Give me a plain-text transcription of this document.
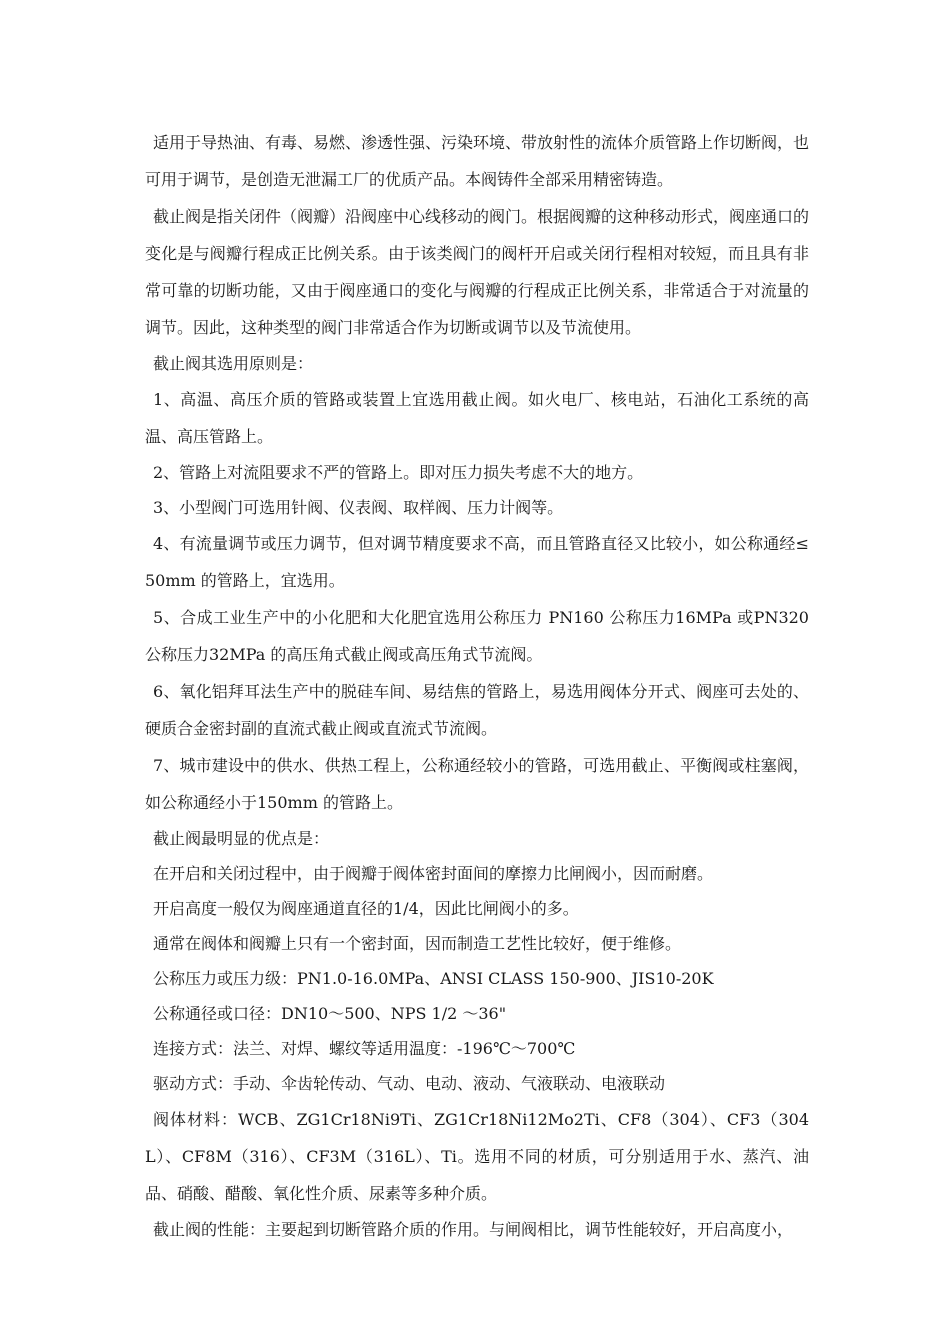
适用于导热油、有毒、易燃、渗透性强、污染环境、带放射性的流体介质管路上作切断阀，也可用于调节，是创造无泄漏工厂的优质产品。本阀铸件全部采用精密铸造。

截止阀是指关闭件（阀瓣）沿阀座中心线移动的阀门。根据阀瓣的这种移动形式，阀座通口的变化是与阀瓣行程成正比例关系。由于该类阀门的阀杆开启或关闭行程相对较短，而且具有非常可靠的切断功能，又由于阀座通口的变化与阀瓣的行程成正比例关系，非常适合于对流量的调节。因此，这种类型的阀门非常适合作为切断或调节以及节流使用。

截止阀其选用原则是：

1、高温、高压介质的管路或装置上宜选用截止阀。如火电厂、核电站，石油化工系统的高温、高压管路上。

2、管路上对流阻要求不严的管路上。即对压力损失考虑不大的地方。

3、小型阀门可选用针阀、仪表阀、取样阀、压力计阀等。

4、有流量调节或压力调节，但对调节精度要求不高，而且管路直径又比较小，如公称通经≤50mm 的管路上，宜选用。

5、合成工业生产中的小化肥和大化肥宜选用公称压力 PN160 公称压力16MPa 或PN320 公称压力32MPa 的高压角式截止阀或高压角式节流阀。

6、氧化铝拜耳法生产中的脱硅车间、易结焦的管路上，易选用阀体分开式、阀座可去处的、硬质合金密封副的直流式截止阀或直流式节流阀。

7、城市建设中的供水、供热工程上，公称通经较小的管路，可选用截止、平衡阀或柱塞阀，如公称通经小于150mm 的管路上。

截止阀最明显的优点是：

在开启和关闭过程中，由于阀瓣于阀体密封面间的摩擦力比闸阀小，因而耐磨。

开启高度一般仅为阀座通道直径的1/4，因此比闸阀小的多。

通常在阀体和阀瓣上只有一个密封面，因而制造工艺性比较好，便于维修。

公称压力或压力级：PN1.0-16.0MPa、ANSI CLASS 150-900、JIS10-20K

公称通径或口径：DN10～500、NPS 1/2 ～36"

连接方式：法兰、对焊、螺纹等适用温度：-196℃～700℃

驱动方式：手动、伞齿轮传动、气动、电动、液动、气液联动、电液联动

阀体材料：WCB、ZG1Cr18Ni9Ti、ZG1Cr18Ni12Mo2Ti、CF8（304）、CF3（304L）、CF8M（316）、CF3M（316L）、Ti。选用不同的材质，可分别适用于水、蒸汽、油品、硝酸、醋酸、氧化性介质、尿素等多种介质。

截止阀的性能：主要起到切断管路介质的作用。与闸阀相比，调节性能较好，开启高度小，
